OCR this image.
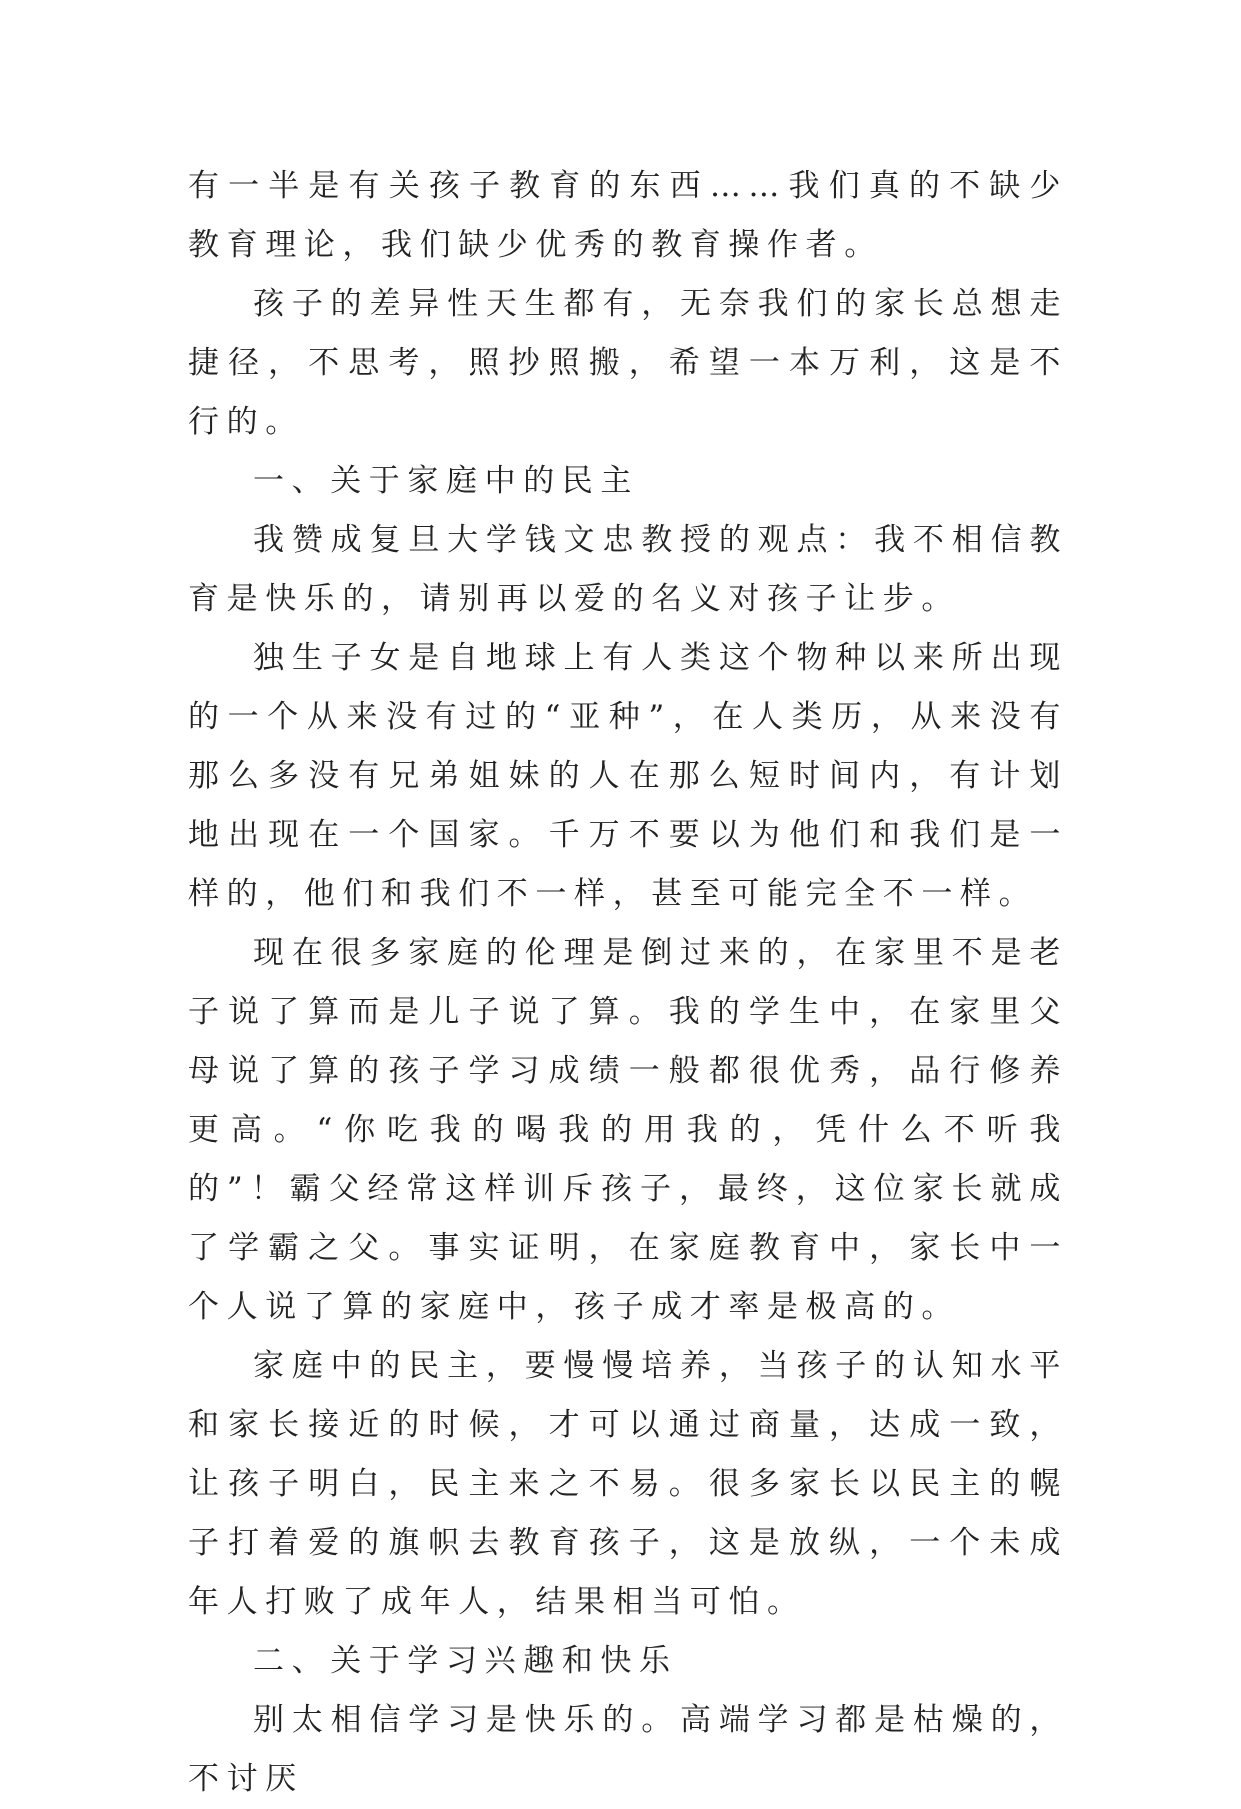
有一半是有关孩子教育的东西……我们真的不缺少教育理论，我们缺少优秀的教育操作者。

孩子的差异性天生都有，无奈我们的家长总想走捷径，不思考，照抄照搬，希望一本万利，这是不行的。

一、关于家庭中的民主

我赞成复旦大学钱文忠教授的观点：我不相信教育是快乐的，请别再以爱的名义对孩子让步。

独生子女是自地球上有人类这个物种以来所出现的一个从来没有过的“亚种”，在人类历，从来没有那么多没有兄弟姐妹的人在那么短时间内，有计划地出现在一个国家。千万不要以为他们和我们是一样的，他们和我们不一样，甚至可能完全不一样。

现在很多家庭的伦理是倒过来的，在家里不是老子说了算而是儿子说了算。我的学生中，在家里父母说了算的孩子学习成绩一般都很优秀，品行修养更高。“你吃我的喝我的用我的，凭什么不听我的”！霸父经常这样训斥孩子，最终，这位家长就成了学霸之父。事实证明，在家庭教育中，家长中一个人说了算的家庭中，孩子成才率是极高的。

家庭中的民主，要慢慢培养，当孩子的认知水平和家长接近的时候，才可以通过商量，达成一致，让孩子明白，民主来之不易。很多家长以民主的幌子打着爱的旗帜去教育孩子，这是放纵，一个未成年人打败了成年人，结果相当可怕。

二、关于学习兴趣和快乐

别太相信学习是快乐的。高端学习都是枯燥的，不讨厌
